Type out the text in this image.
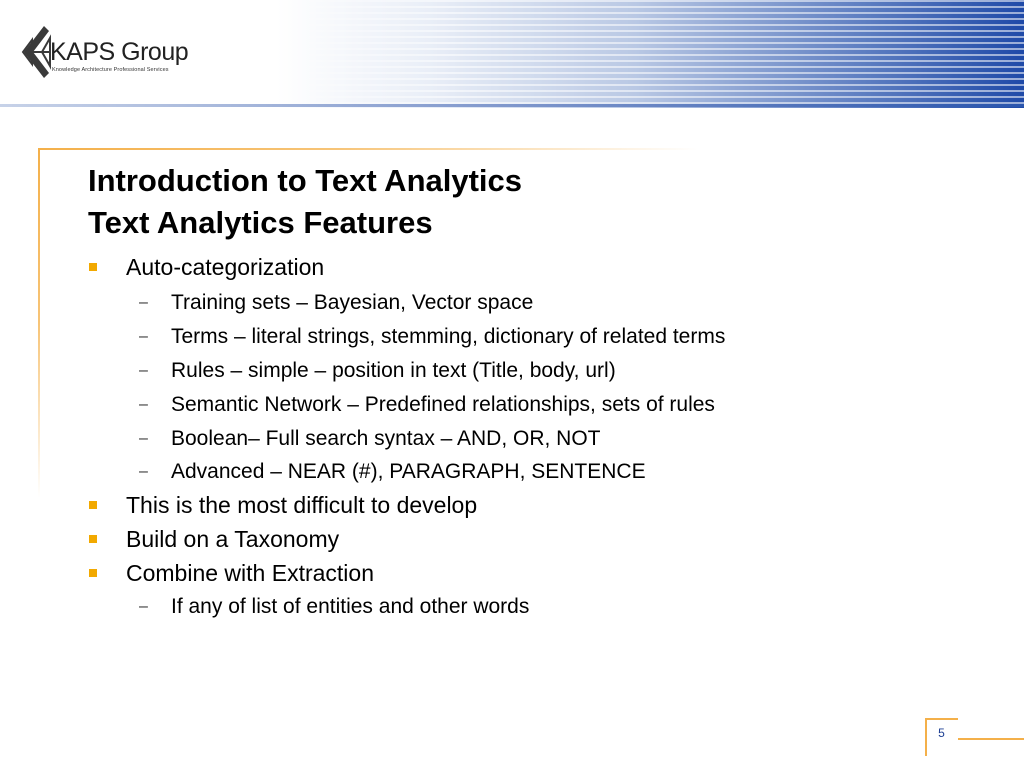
KAPS Group
Knowledge Architecture Professional Services
Introduction to Text Analytics
Text Analytics Features
Auto-categorization
– Training sets – Bayesian, Vector space
– Terms – literal strings, stemming, dictionary of related terms
– Rules – simple – position in text (Title, body, url)
– Semantic Network – Predefined relationships, sets of rules
– Boolean– Full search syntax – AND, OR, NOT
– Advanced – NEAR (#), PARAGRAPH, SENTENCE
This is the most difficult to develop
Build on a Taxonomy
Combine with Extraction
– If any of list of entities and other words
5
